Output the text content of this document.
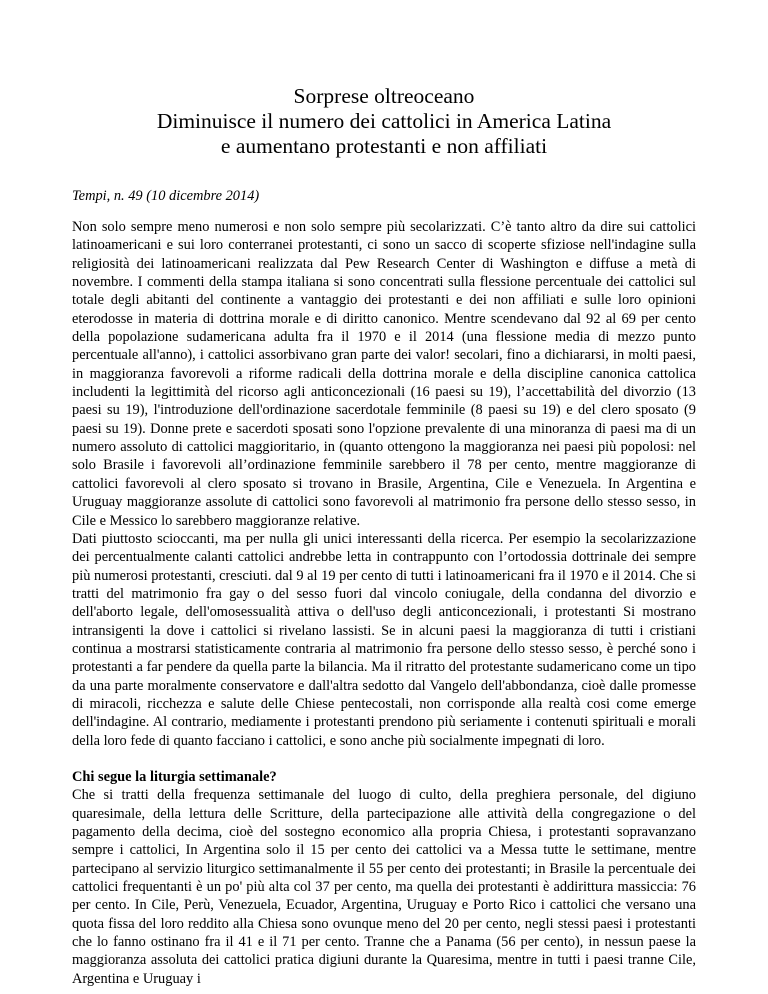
Sorprese oltreoceano
Diminuisce il numero dei cattolici in America Latina
e aumentano protestanti e non affiliati

Tempi, n. 49 (10 dicembre 2014)

Non solo sempre meno numerosi e non solo sempre più secolarizzati. C’è tanto altro da dire sui cattolici latinoamericani e sui loro conterranei protestanti, ci sono un sacco di scoperte sfiziose nell'indagine sulla religiosità dei latinoamericani realizzata dal Pew Research Center di Washington e diffuse a metà di novembre. I commenti della stampa italiana si sono concentrati sulla flessione percentuale dei cattolici sul totale degli abitanti del continente a vantaggio dei protestanti e dei non affiliati e sulle loro opinioni eterodosse in materia di dottrina morale e di diritto canonico. Mentre scendevano dal 92 al 69 per cento della popolazione sudamericana adulta fra il 1970 e il 2014 (una flessione media di mezzo punto percentuale all'anno), i cattolici assorbivano gran parte dei valor! secolari, fino a dichiararsi, in molti paesi, in maggioranza favorevoli a riforme radicali della dottrina morale e della discipline canonica cattolica includenti la legittimità del ricorso agli anticoncezionali (16 paesi su 19), l’accettabilità del divorzio (13 paesi su 19), l'introduzione dell'ordinazione sacerdotale femminile (8 paesi su 19) e del clero sposato (9 paesi su 19). Donne prete e sacerdoti sposati sono l'opzione prevalente di una minoranza di paesi ma di un numero assoluto di cattolici maggioritario, in (quanto ottengono la maggioranza nei paesi più popolosi: nel solo Brasile i favorevoli all’ordinazione femminile sarebbero il 78 per cento, mentre maggioranze di cattolici favorevoli al clero sposato si trovano in Brasile, Argentina, Cile e Venezuela. In Argentina e Uruguay maggioranze assolute di cattolici sono favorevoli al matrimonio fra persone dello stesso sesso, in Cile e Messico lo sarebbero maggioranze relative.

Dati piuttosto scioccanti, ma per nulla gli unici interessanti della ricerca. Per esempio la secolarizzazione dei percentualmente calanti cattolici andrebbe letta in contrappunto con l’ortodossia dottrinale dei sempre più numerosi protestanti, cresciuti. dal 9 al 19 per cento di tutti i latinoamericani fra il 1970 e il 2014. Che si tratti del matrimonio fra gay o del sesso fuori dal vincolo coniugale, della condanna del divorzio e dell'aborto legale, dell'omosessualità attiva o dell'uso degli anticoncezionali, i protestanti Si mostrano intransigenti la dove i cattolici si rivelano lassisti. Se in alcuni paesi la maggioranza di tutti i cristiani continua a mostrarsi statisticamente contraria al matrimonio fra persone dello stesso sesso, è perché sono i protestanti a far pendere da quella parte la bilancia. Ma il ritratto del protestante sudamericano come un tipo da una parte moralmente conservatore e dall'altra sedotto dal Vangelo dell'abbondanza, cioè dalle promesse di miracoli, ricchezza e salute delle Chiese pentecostali, non corrisponde alla realtà cosi come emerge dell'indagine. Al contrario, mediamente i protestanti prendono più seriamente i contenuti spirituali e morali della loro fede di quanto facciano i cattolici, e sono anche più socialmente impegnati di loro.

Chi segue la liturgia settimanale?

Che si tratti della frequenza settimanale del luogo di culto, della preghiera personale, del digiuno quaresimale, della lettura delle Scritture, della partecipazione alle attività della congregazione o del pagamento della decima, cioè del sostegno economico alla propria Chiesa, i protestanti sopravanzano sempre i cattolici, In Argentina solo il 15 per cento dei cattolici va a Messa tutte le settimane, mentre partecipano al servizio liturgico settimanalmente il 55 per cento dei protestanti; in Brasile la percentuale dei cattolici frequentanti è un po' più alta col 37 per cento, ma quella dei protestanti è addirittura massiccia: 76 per cento. In Cile, Perù, Venezuela, Ecuador, Argentina, Uruguay e Porto Rico i cattolici che versano una quota fissa del loro reddito alla Chiesa sono ovunque meno del 20 per cento, negli stessi paesi i protestanti che lo fanno ostinano fra il 41 e il 71 per cento. Tranne che a Panama (56 per cento), in nessun paese la maggioranza assoluta dei cattolici pratica digiuni durante la Quaresima, mentre in tutti i paesi tranne Cile, Argentina e Uruguay i
